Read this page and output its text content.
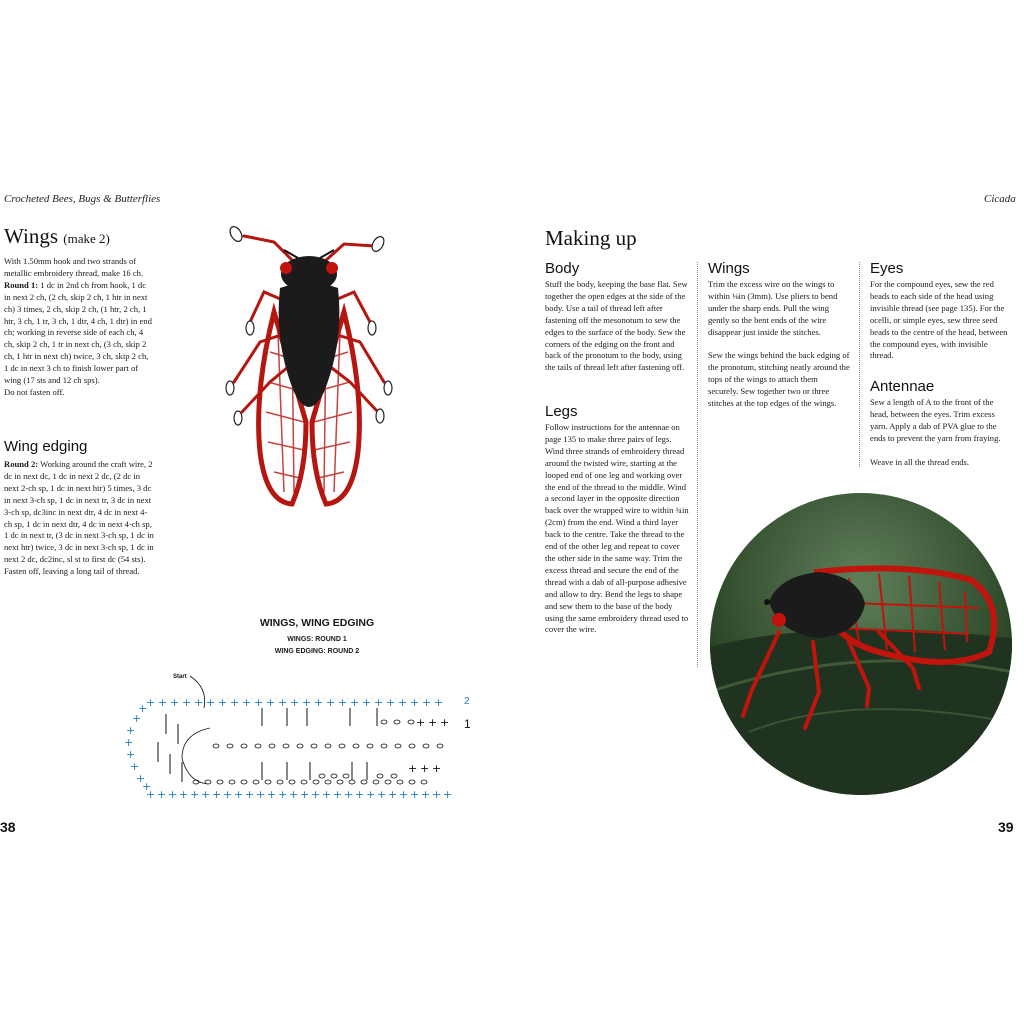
Crocheted Bees, Bugs & Butterflies
Wings (make 2)

With 1.50mm hook and two strands of metallic embroidery thread, make 16 ch.

Round 1: 1 dc in 2nd ch from hook, 1 dc in next 2 ch, (2 ch, skip 2 ch, 1 htr in next ch) 3 times, 2 ch, skip 2 ch, (1 htr, 2 ch, 1 htr, 3 ch, 1 tr, 3 ch, 1 dtr, 4 ch, 1 dtr) in end ch; working in reverse side of each ch, 4 ch, skip 2 ch, 1 tr in next ch, (3 ch, skip 2 ch, 1 htr in next ch) twice, 3 ch, skip 2 ch, 1 dc in next 3 ch to finish lower part of wing (17 sts and 12 ch sps).
Do not fasten off.
Wing edging
Round 2: Working around the craft wire, 2 dc in next dc, 1 dc in next 2 dc, (2 dc in next 2-ch sp, 1 dc in next htr) 5 times, 3 dc in next 3-ch sp, 1 dc in next tr, 3 dc in next 3-ch sp, dc3inc in next dtr, 4 dc in next 4-ch sp, 1 dc in next dtr, 4 dc in next 4-ch sp, 1 dc in next tr, (3 dc in next 3-ch sp, 1 dc in next htr) twice, 3 dc in next 3-ch sp, 1 dc in next 2 dc, dc2inc, sl st to first dc (54 sts).
Fasten off, leaving a long tail of thread.
WINGS, WING EDGING
WINGS: ROUND 1
WING EDGING: ROUND 2
Start
2
1
+ + + + + + + + + + + + + + + + + + + + + + + + +
+ + + + + + + + + + + + + + + + + + + + + + + + + + + +
+
+
+
+
+
+
+
+
+ + +
+ + +
38
Cicada
Making up
Body
Stuff the body, keeping the base flat. Sew together the open edges at the side of the body. Use a tail of thread left after fastening off the mesonotum to sew the edges to the surface of the body. Sew the corners of the edging on the front and back of the pronotum to the body, using the tails of thread left after fastening off.
Legs
Follow instructions for the antennae on page 135 to make three pairs of legs. Wind three strands of embroidery thread around the twisted wire, starting at the looped end of one leg and working over the end of the thread to the middle. Wind a second layer in the opposite direction back over the wrapped wire to within ¾in (2cm) from the end. Wind a third layer back to the centre. Take the thread to the end of the other leg and repeat to cover the other side in the same way. Trim the excess thread and secure the end of the thread with a dab of all-purpose adhesive and allow to dry. Bend the legs to shape and sew them to the base of the body using the same embroidery thread used to cover the wire.
Wings

Trim the excess wire on the wings to within ⅛in (3mm). Use pliers to bend under the sharp ends. Pull the wing gently so the bent ends of the wire disappear just inside the stitches.

Sew the wings behind the back edging of the pronotum, stitching neatly around the tops of the wings to attach them securely. Sew together two or three stitches at the top edges of the wings.

Eyes
For the compound eyes, sew the red beads to each side of the head using invisible thread (see page 135). For the ocelli, or simple eyes, sew three seed beads to the centre of the head, between the compound eyes, with invisible thread.
Antennae

Sew a length of A to the front of the head, between the eyes. Trim excess yarn. Apply a dab of PVA glue to the ends to prevent the yarn from fraying.

Weave in all the thread ends.

39
